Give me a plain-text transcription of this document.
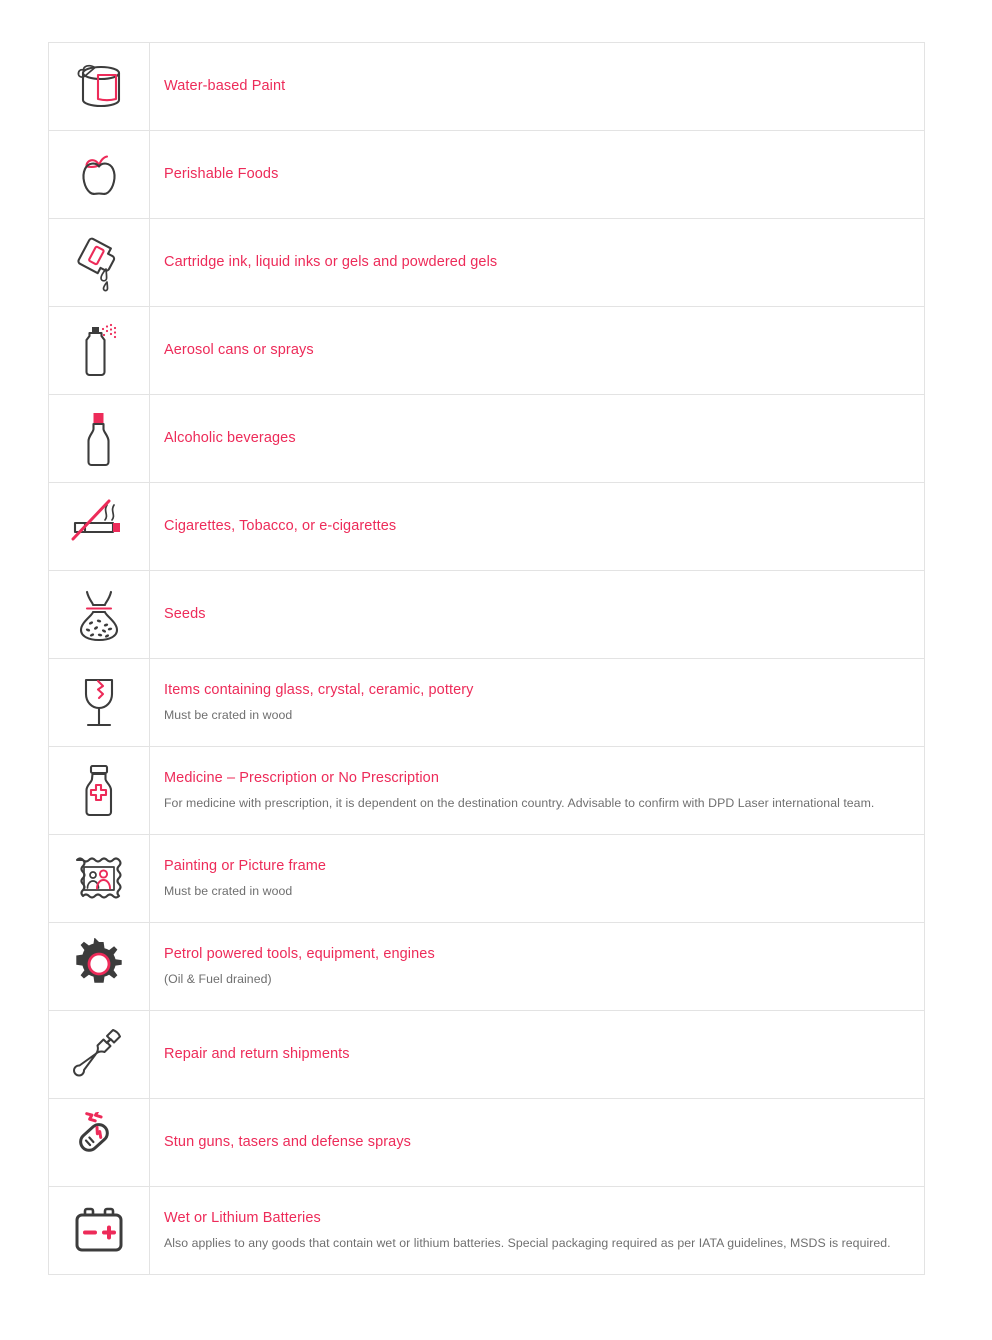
Water-based Paint
Perishable Foods
Cartridge ink, liquid inks or gels and powdered gels
Aerosol cans or sprays
Alcoholic beverages
Cigarettes, Tobacco, or e-cigarettes
Seeds
Items containing glass, crystal, ceramic, pottery
Must be crated in wood
Medicine – Prescription or No Prescription
For medicine with prescription, it is dependent on the destination country. Advisable to confirm with DPD Laser international team.
Painting or Picture frame
Must be crated in wood
Petrol powered tools, equipment, engines
(Oil & Fuel drained)
Repair and return shipments
Stun guns, tasers and defense sprays
Wet or Lithium Batteries
Also applies to any goods that contain wet or lithium batteries. Special packaging required as per IATA guidelines, MSDS is required.
